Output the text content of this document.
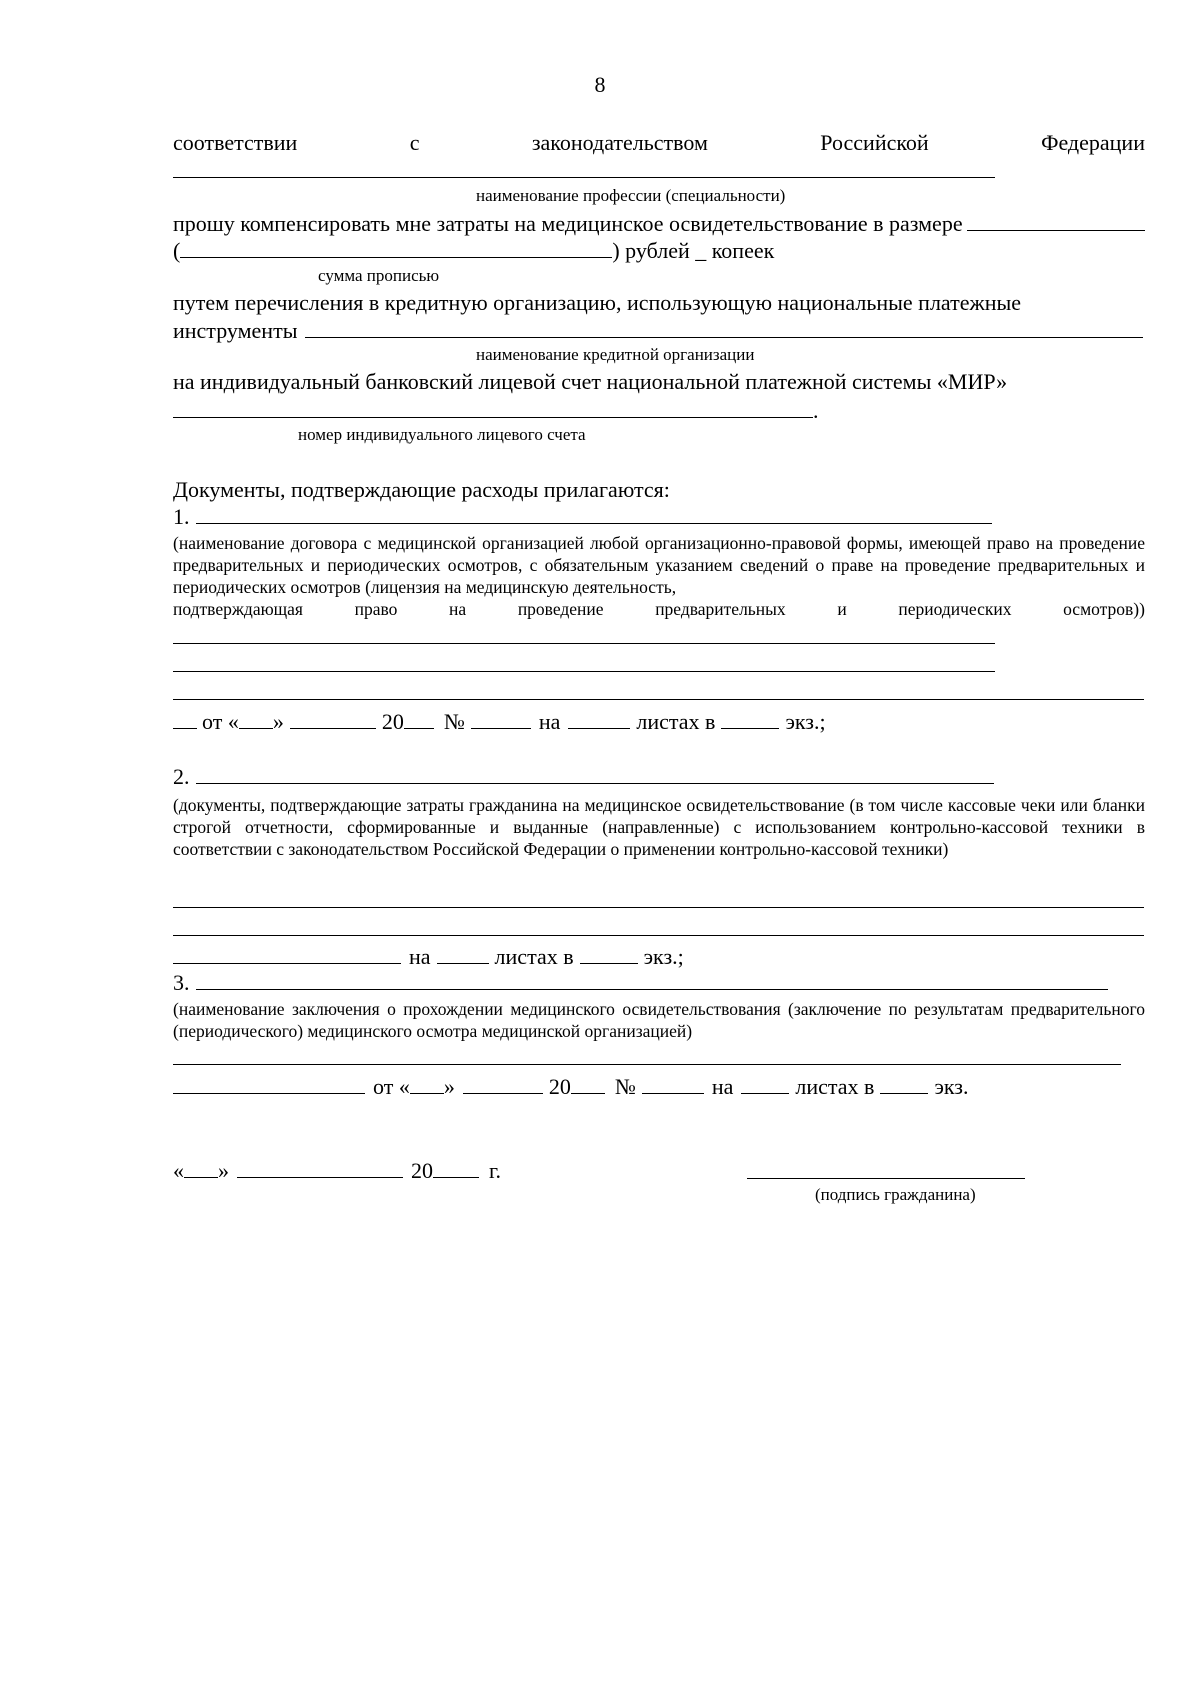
8
соответствии	с	законодательством	Российской	Федерации
наименование профессии (специальности)
прошу компенсировать мне затраты на медицинское освидетельствование в размере
(	) рублей _ копеек
сумма прописью
путем перечисления в кредитную организацию, использующую национальные платежные
инструменты
наименование кредитной организации
на индивидуальный банковский лицевой счет национальной платежной системы «МИР»
.
номер индивидуального лицевого счета
Документы, подтверждающие расходы прилагаются:
1.
(наименование договора с медицинской организацией любой организационно-правовой формы, имеющей право на проведение предварительных и периодических осмотров, с обязательным указанием сведений о праве на проведение предварительных и периодических осмотров (лицензия на медицинскую деятельность,
подтверждающая	право	на	проведение	предварительных	и	периодических	осмотров))
от « »	20 №	на	листах в	экз.;
2.
(документы, подтверждающие затраты гражданина на медицинское освидетельствование (в том числе кассовые чеки или бланки строгой отчетности, сформированные и выданные (направленные) с использованием контрольно-кассовой техники в соответствии с законодательством Российской Федерации о применении контрольно-кассовой техники)
на	листах в	экз.;
3.
(наименование заключения о прохождении медицинского освидетельствования (заключение по результатам предварительного (периодического) медицинского осмотра медицинской организацией)
от « »	20 №	на	листах в	экз.
« »	20	г.
(подпись гражданина)
